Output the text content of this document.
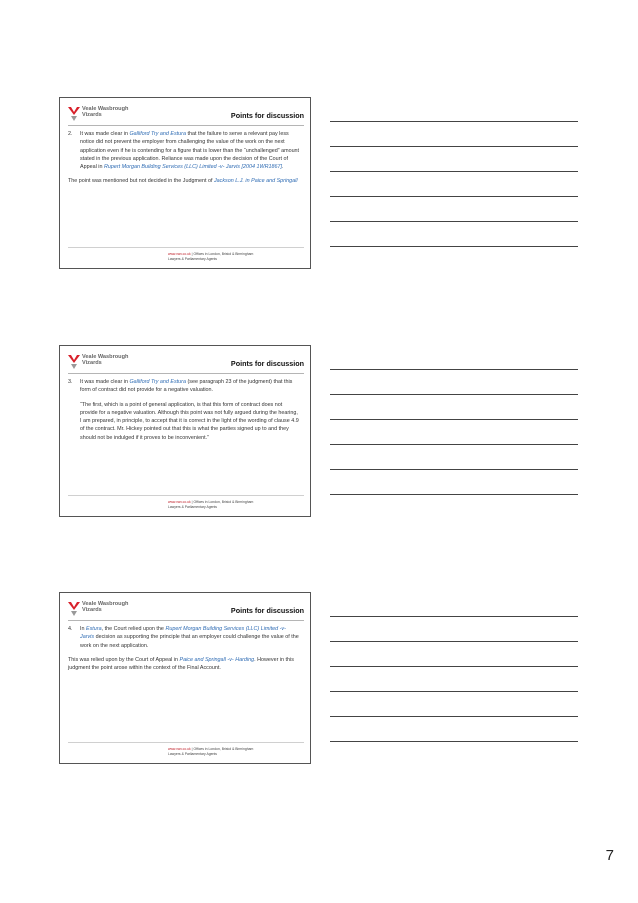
Veale Wasbrough
Vizards	Points for discussion
2.	It was made clear in Galliford Try and Estura that the failure to serve a relevant pay less notice did not prevent the employer from challenging the value of the work on the next application even if he is contending for a figure that is lower than the “unchallenged” amount stated in the previous application. Reliance was made upon the decision of the Court of Appeal in Rupert Morgan Building Services (LLC) Limited -v- Jarvis [2004 1WR1867].
The point was mentioned but not decided in the Judgment of Jackson L.J. in Paice and Springall
www.vwv.co.uk | Offices in London, Bristol & Birmingham
Lawyers & Parliamentary Agents
Veale Wasbrough
Vizards	Points for discussion
3.	It was made clear in Galliford Try and Estura (see paragraph 23 of the judgment) that this form of contract did not provide for a negative valuation.
“The first, which is a point of general application, is that this form of contract does not provide for a negative valuation. Although this point was not fully argued during the hearing, I am prepared, in principle, to accept that it is correct in the light of the wording of clause 4.9 of the contract. Mr. Hickey pointed out that this is what the parties signed up to and they should not be indulged if it proves to be inconvenient.”
www.vwv.co.uk | Offices in London, Bristol & Birmingham
Lawyers & Parliamentary Agents
Veale Wasbrough
Vizards	Points for discussion
4.	In Estura, the Court relied upon the Rupert Morgan Building Services (LLC) Limited -v- Jarvis decision as supporting the principle that an employer could challenge the value of the work on the next application.
This was relied upon by the Court of Appeal in Paice and Springall -v- Harding. However in this judgment the point arose within the context of the Final Account.
www.vwv.co.uk | Offices in London, Bristol & Birmingham
Lawyers & Parliamentary Agents
7
